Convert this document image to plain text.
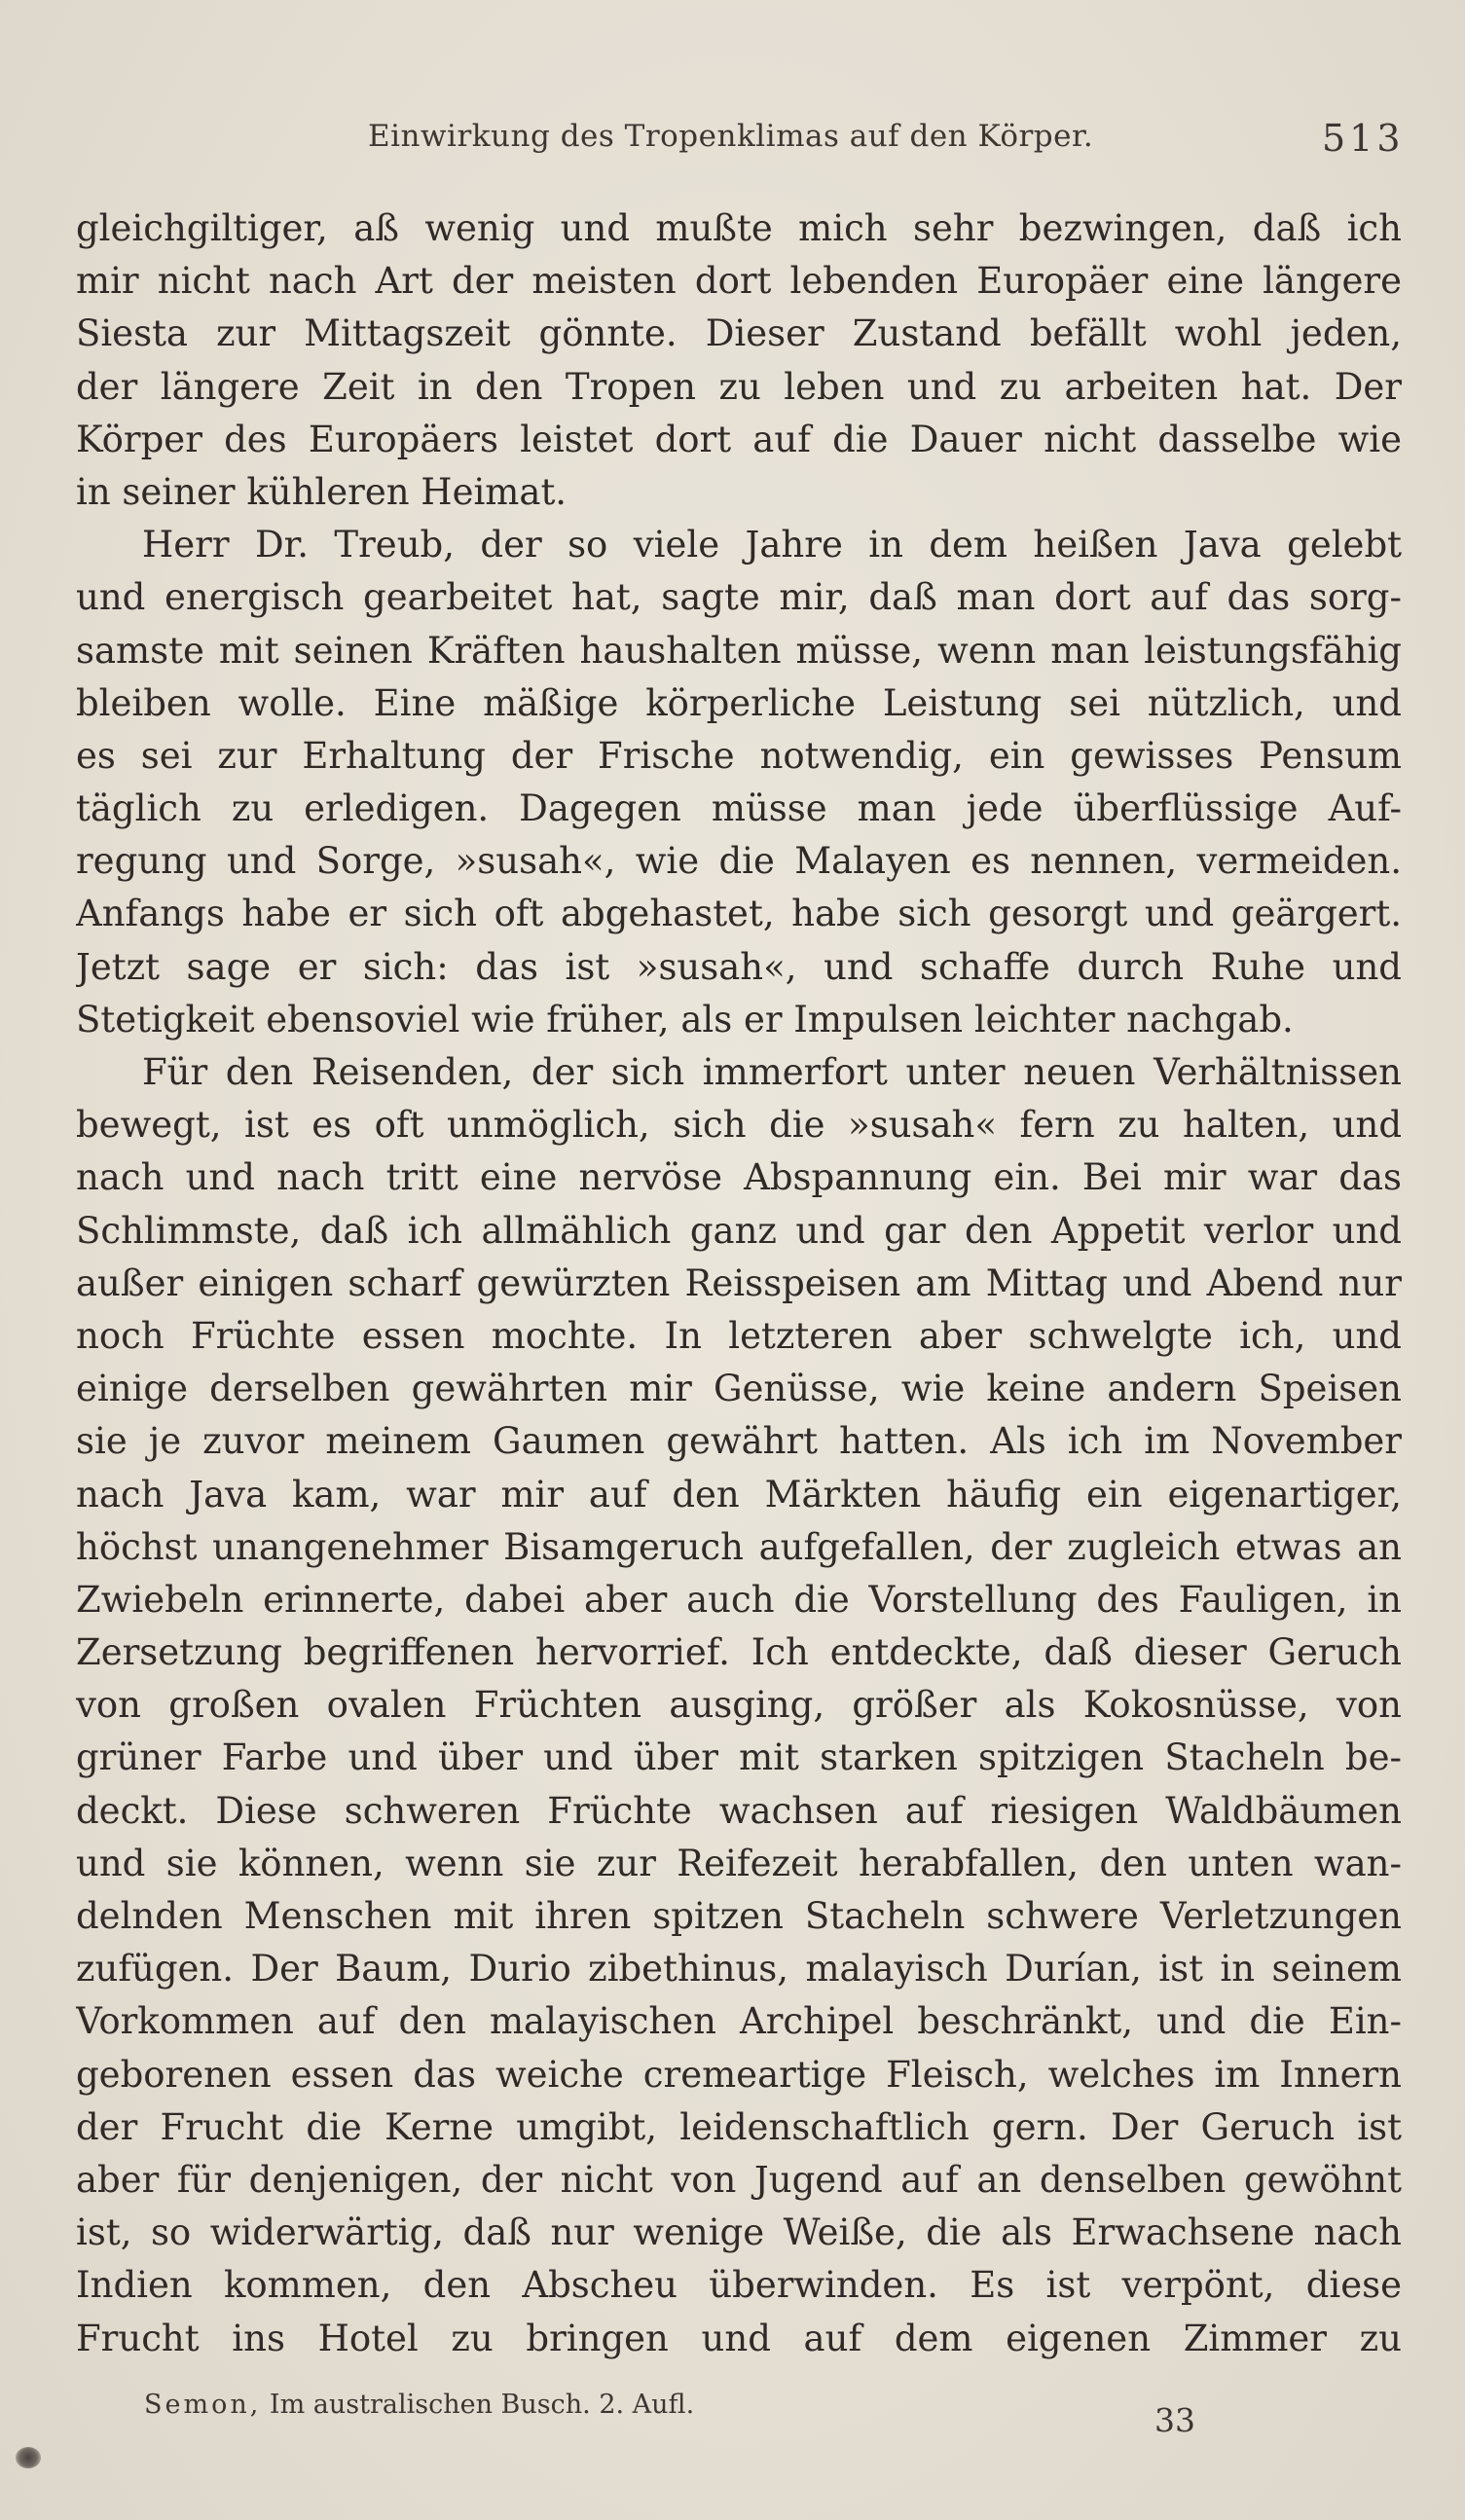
Einwirkung des Tropenklimas auf den Körper.	513
gleichgiltiger, aß wenig und mußte mich sehr bezwingen, daß ich
mir nicht nach Art der meisten dort lebenden Europäer eine längere
Siesta zur Mittagszeit gönnte. Dieser Zustand befällt wohl jeden,
der längere Zeit in den Tropen zu leben und zu arbeiten hat. Der
Körper des Europäers leistet dort auf die Dauer nicht dasselbe wie
in seiner kühleren Heimat.
Herr Dr. Treub, der so viele Jahre in dem heißen Java gelebt
und energisch gearbeitet hat, sagte mir, daß man dort auf das sorg-
samste mit seinen Kräften haushalten müsse, wenn man leistungsfähig
bleiben wolle. Eine mäßige körperliche Leistung sei nützlich, und
es sei zur Erhaltung der Frische notwendig, ein gewisses Pensum
täglich zu erledigen. Dagegen müsse man jede überflüssige Auf-
regung und Sorge, »susah«, wie die Malayen es nennen, vermeiden.
Anfangs habe er sich oft abgehastet, habe sich gesorgt und geärgert.
Jetzt sage er sich: das ist »susah«, und schaffe durch Ruhe und
Stetigkeit ebensoviel wie früher, als er Impulsen leichter nachgab.
Für den Reisenden, der sich immerfort unter neuen Verhältnissen
bewegt, ist es oft unmöglich, sich die »susah« fern zu halten, und
nach und nach tritt eine nervöse Abspannung ein. Bei mir war das
Schlimmste, daß ich allmählich ganz und gar den Appetit verlor und
außer einigen scharf gewürzten Reisspeisen am Mittag und Abend nur
noch Früchte essen mochte. In letzteren aber schwelgte ich, und
einige derselben gewährten mir Genüsse, wie keine andern Speisen
sie je zuvor meinem Gaumen gewährt hatten. Als ich im November
nach Java kam, war mir auf den Märkten häufig ein eigenartiger,
höchst unangenehmer Bisamgeruch aufgefallen, der zugleich etwas an
Zwiebeln erinnerte, dabei aber auch die Vorstellung des Fauligen, in
Zersetzung begriffenen hervorrief. Ich entdeckte, daß dieser Geruch
von großen ovalen Früchten ausging, größer als Kokosnüsse, von
grüner Farbe und über und über mit starken spitzigen Stacheln be-
deckt. Diese schweren Früchte wachsen auf riesigen Waldbäumen
und sie können, wenn sie zur Reifezeit herabfallen, den unten wan-
delnden Menschen mit ihren spitzen Stacheln schwere Verletzungen
zufügen. Der Baum, Durio zibethinus, malayisch Durían, ist in seinem
Vorkommen auf den malayischen Archipel beschränkt, und die Ein-
geborenen essen das weiche cremeartige Fleisch, welches im Innern
der Frucht die Kerne umgibt, leidenschaftlich gern. Der Geruch ist
aber für denjenigen, der nicht von Jugend auf an denselben gewöhnt
ist, so widerwärtig, daß nur wenige Weiße, die als Erwachsene nach
Indien kommen, den Abscheu überwinden. Es ist verpönt, diese
Frucht ins Hotel zu bringen und auf dem eigenen Zimmer zu
Semon, Im australischen Busch. 2. Aufl.	33
